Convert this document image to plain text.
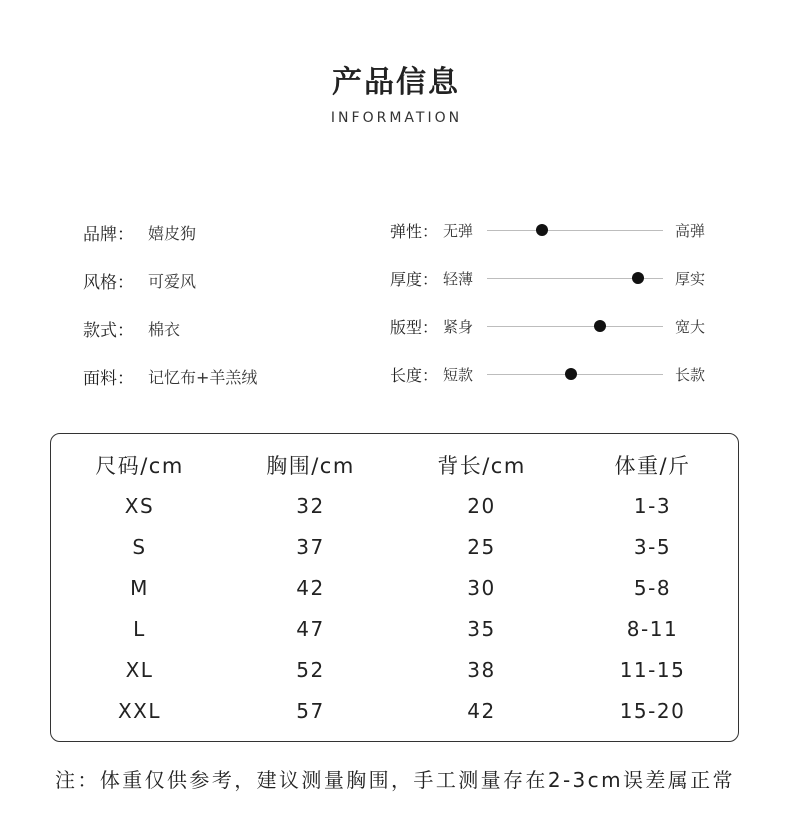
产品信息
INFORMATION
品牌： 嬉皮狗
风格： 可爱风
款式： 棉衣
面料： 记忆布+羊羔绒
弹性： 无弹	高弹
厚度： 轻薄	厚实
版型： 紧身	宽大
长度： 短款	长款
尺码/cm	胸围/cm	背长/cm	体重/斤
XS	32	20	1-3
S	37	25	3-5
M	42	30	5-8
L	47	35	8-11
XL	52	38	11-15
XXL	57	42	15-20
注：体重仅供参考，建议测量胸围，手工测量存在2-3cm误差属正常
